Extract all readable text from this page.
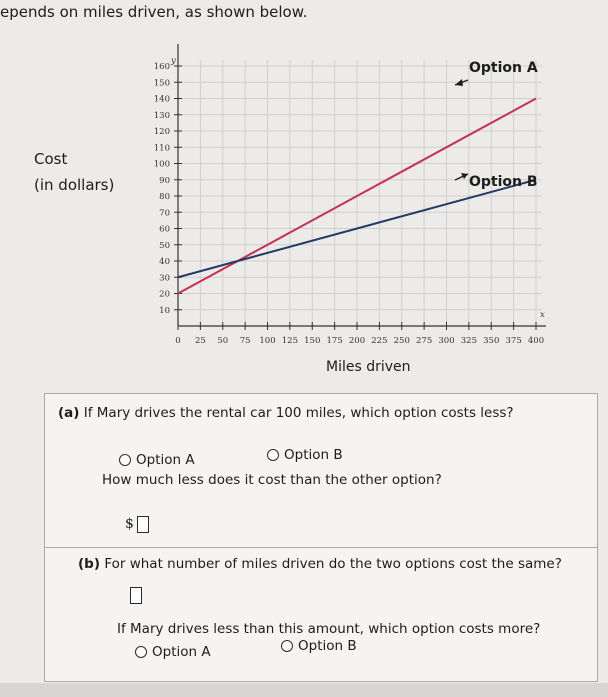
epends on miles driven, as shown below.
Cost
(in dollars)
0 25 50 75 100 125 150 175 200 225 250 275 300 325 350 375 400
10
20
30
40
50
60
70
80
90
100
110
120
130
140
150
160	Option A
Option B
y
x
Miles driven
(a) If Mary drives the rental car 100 miles, which option costs less?
Option A	Option B
How much less does it cost than the other option?
$
(b) For what number of miles driven do the two options cost the same?
If Mary drives less than this amount, which option costs more?
Option A	Option B
